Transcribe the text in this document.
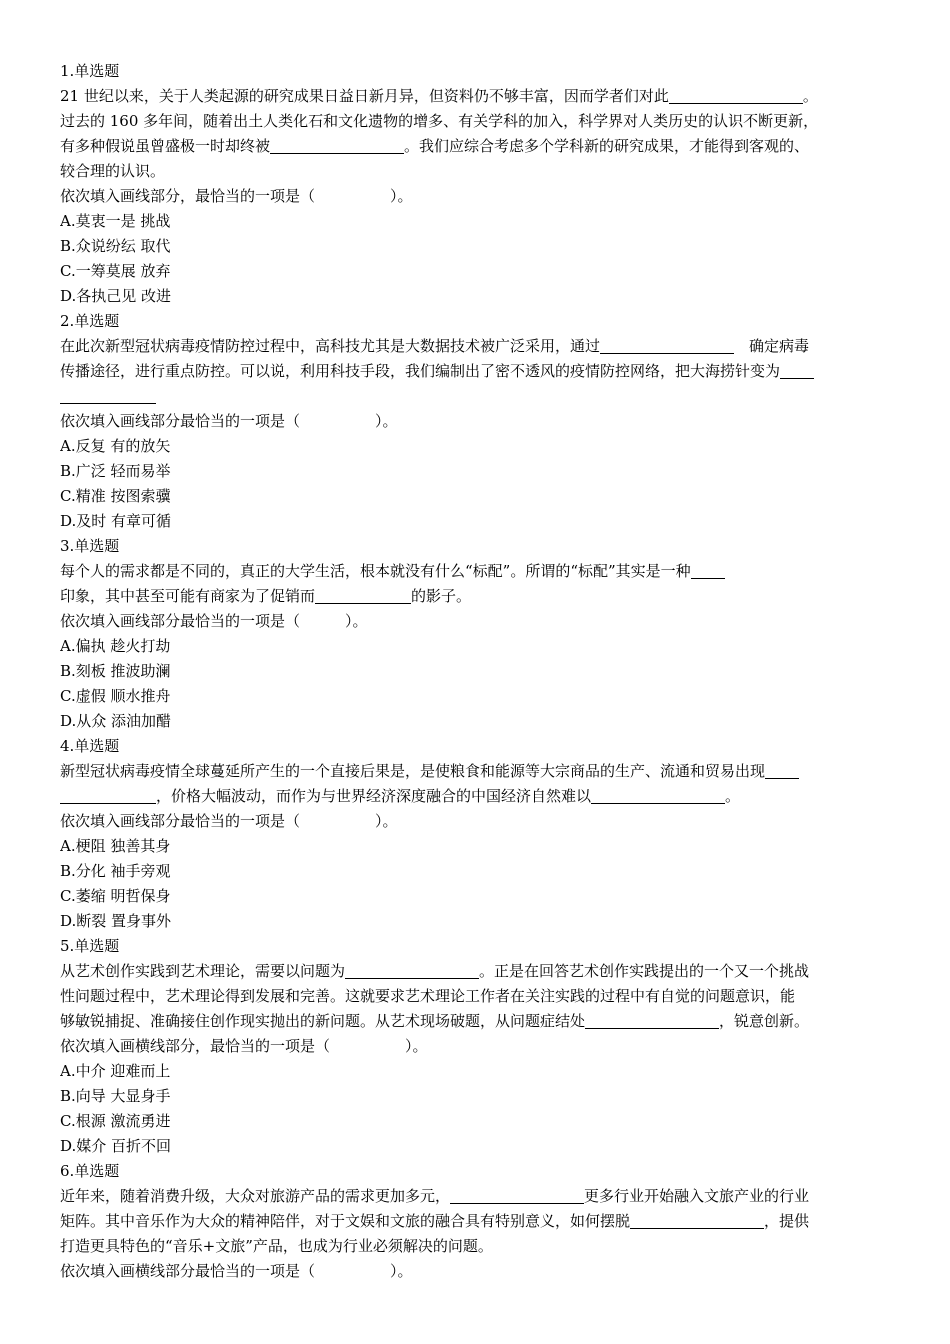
1.单选题
21 世纪以来，关于人类起源的研究成果日益日新月异，但资料仍不够丰富，因而学者们对此	。
过去的 160 多年间，随着出土人类化石和文化遗物的增多、有关学科的加入，科学界对人类历史的认识不断更新，
有多种假说虽曾盛极一时却终被	。我们应综合考虑多个学科新的研究成果，才能得到客观的、
较合理的认识。
依次填入画线部分，最恰当的一项是（　　　　　）。
A.莫衷一是 挑战
B.众说纷纭 取代
C.一筹莫展 放弃
D.各执己见 改进
2.单选题
在此次新型冠状病毒疫情防控过程中，高科技尤其是大数据技术被广泛采用，通过	　确定病毒
传播途径，进行重点防控。可以说，利用科技手段，我们编制出了密不透风的疫情防控网络，把大海捞针变为
依次填入画线部分最恰当的一项是（　　　　　）。
A.反复 有的放矢
B.广泛 轻而易举
C.精准 按图索骥
D.及时 有章可循
3.单选题
每个人的需求都是不同的，真正的大学生活，根本就没有什么“标配”。所谓的“标配”其实是一种
印象，其中甚至可能有商家为了促销而	的影子。
依次填入画线部分最恰当的一项是（　　　）。
A.偏执 趁火打劫
B.刻板 推波助澜
C.虚假 顺水推舟
D.从众 添油加醋
4.单选题
新型冠状病毒疫情全球蔓延所产生的一个直接后果是，是使粮食和能源等大宗商品的生产、流通和贸易出现
，价格大幅波动，而作为与世界经济深度融合的中国经济自然难以	。
依次填入画线部分最恰当的一项是（　　　　　）。
A.梗阻 独善其身
B.分化 袖手旁观
C.萎缩 明哲保身
D.断裂 置身事外
5.单选题
从艺术创作实践到艺术理论，需要以问题为	。正是在回答艺术创作实践提出的一个又一个挑战
性问题过程中，艺术理论得到发展和完善。这就要求艺术理论工作者在关注实践的过程中有自觉的问题意识，能
够敏锐捕捉、准确接住创作现实抛出的新问题。从艺术现场破题，从问题症结处	，锐意创新。
依次填入画横线部分，最恰当的一项是（　　　　　）。
A.中介 迎难而上
B.向导 大显身手
C.根源 激流勇进
D.媒介 百折不回
6.单选题
近年来，随着消费升级，大众对旅游产品的需求更加多元，	更多行业开始融入文旅产业的行业
矩阵。其中音乐作为大众的精神陪伴，对于文娱和文旅的融合具有特别意义，如何摆脱	，提供
打造更具特色的“音乐+文旅”产品，也成为行业必须解决的问题。
依次填入画横线部分最恰当的一项是（　　　　　）。
